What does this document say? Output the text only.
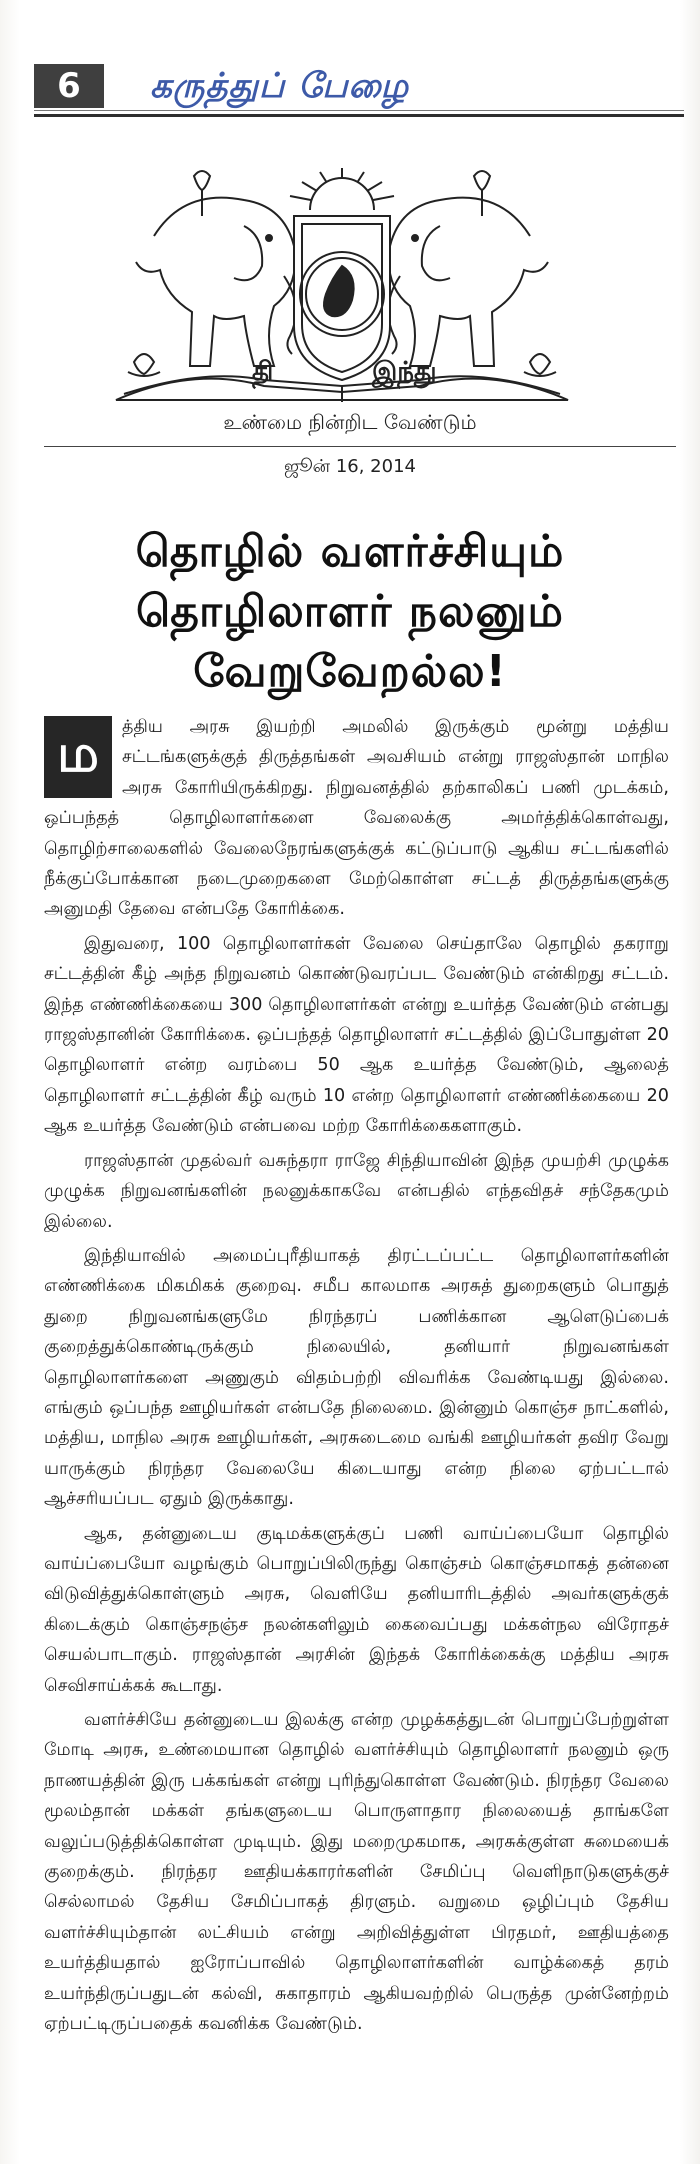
6	கருத்துப் பேழை
தி	இந்து
உண்மை நின்றிட வேண்டும்
ஜூன் 16, 2014
தொழில் வளர்ச்சியும்
தொழிலாளர் நலனும்
வேறுவேறல்ல!

ம	த்திய அரசு இயற்றி அமலில் இருக்கும் மூன்று மத்திய சட்டங்களுக்குத் திருத்தங்கள் அவசியம் என்று ராஜஸ்தான் மாநில அரசு கோரியிருக்கிறது. நிறுவனத்தில் தற்காலிகப் பணி முடக்கம், ஒப்பந்தத் தொழிலாளர்களை வேலைக்கு அமர்த்திக்கொள்வது, தொழிற்சாலைகளில் வேலைநேரங்களுக்குக் கட்டுப்பாடு ஆகிய சட்டங்களில் நீக்குப்போக்கான நடைமுறைகளை மேற்கொள்ள சட்டத் திருத்தங்களுக்கு அனுமதி தேவை என்பதே கோரிக்கை.

இதுவரை, 100 தொழிலாளர்கள் வேலை செய்தாலே தொழில் தகராறு சட்டத்தின் கீழ் அந்த நிறுவனம் கொண்டுவரப்பட வேண்டும் என்கிறது சட்டம். இந்த எண்ணிக்கையை 300 தொழிலாளர்கள் என்று உயர்த்த வேண்டும் என்பது ராஜஸ்தானின் கோரிக்கை. ஒப்பந்தத் தொழிலாளர் சட்டத்தில் இப்போதுள்ள 20 தொழிலாளர் என்ற வரம்பை 50 ஆக உயர்த்த வேண்டும், ஆலைத் தொழிலாளர் சட்டத்தின் கீழ் வரும் 10 என்ற தொழிலாளர் எண்ணிக்கையை 20 ஆக உயர்த்த வேண்டும் என்பவை மற்ற கோரிக்கைகளாகும்.

ராஜஸ்தான் முதல்வர் வசுந்தரா ராஜே சிந்தியாவின் இந்த முயற்சி முழுக்க முழுக்க நிறுவனங்களின் நலனுக்காகவே என்பதில் எந்தவிதச் சந்தேகமும் இல்லை.

இந்தியாவில் அமைப்புரீதியாகத் திரட்டப்பட்ட தொழிலாளர்களின் எண்ணிக்கை மிகமிகக் குறைவு. சமீப காலமாக அரசுத் துறைகளும் பொதுத் துறை நிறுவனங்களுமே நிரந்தரப் பணிக்கான ஆளெடுப்பைக் குறைத்துக்கொண்டிருக்கும் நிலையில், தனியார் நிறுவனங்கள் தொழிலாளர்களை அணுகும் விதம்பற்றி விவரிக்க வேண்டியது இல்லை. எங்கும் ஒப்பந்த ஊழியர்கள் என்பதே நிலைமை. இன்னும் கொஞ்ச நாட்களில், மத்திய, மாநில அரசு ஊழியர்கள், அரசுடைமை வங்கி ஊழியர்கள் தவிர வேறு யாருக்கும் நிரந்தர வேலையே கிடையாது என்ற நிலை ஏற்பட்டால் ஆச்சரியப்பட ஏதும் இருக்காது.

ஆக, தன்னுடைய குடிமக்களுக்குப் பணி வாய்ப்பையோ தொழில் வாய்ப்பையோ வழங்கும் பொறுப்பிலிருந்து கொஞ்சம் கொஞ்சமாகத் தன்னை விடுவித்துக்கொள்ளும் அரசு, வெளியே தனியாரிடத்தில் அவர்களுக்குக் கிடைக்கும் கொஞ்சநஞ்ச நலன்களிலும் கைவைப்பது மக்கள்நல விரோதச் செயல்பாடாகும். ராஜஸ்தான் அரசின் இந்தக் கோரிக்கைக்கு மத்திய அரசு செவிசாய்க்கக் கூடாது.

வளர்ச்சியே தன்னுடைய இலக்கு என்ற முழக்கத்துடன் பொறுப்பேற்றுள்ள மோடி அரசு, உண்மையான தொழில் வளர்ச்சியும் தொழிலாளர் நலனும் ஒரு நாணயத்தின் இரு பக்கங்கள் என்று புரிந்துகொள்ள வேண்டும். நிரந்தர வேலை மூலம்தான் மக்கள் தங்களுடைய பொருளாதார நிலையைத் தாங்களே வலுப்படுத்திக்கொள்ள முடியும். இது மறைமுகமாக, அரசுக்குள்ள சுமையைக் குறைக்கும். நிரந்தர ஊதியக்காரர்களின் சேமிப்பு வெளிநாடுகளுக்குச் செல்லாமல் தேசிய சேமிப்பாகத் திரளும். வறுமை ஒழிப்பும் தேசிய வளர்ச்சியும்தான் லட்சியம் என்று அறிவித்துள்ள பிரதமர், ஊதியத்தை உயர்த்தியதால் ஐரோப்பாவில் தொழிலாளர்களின் வாழ்க்கைத் தரம் உயர்ந்திருப்பதுடன் கல்வி, சுகாதாரம் ஆகியவற்றில் பெருத்த முன்னேற்றம் ஏற்பட்டிருப்பதைக் கவனிக்க வேண்டும்.
